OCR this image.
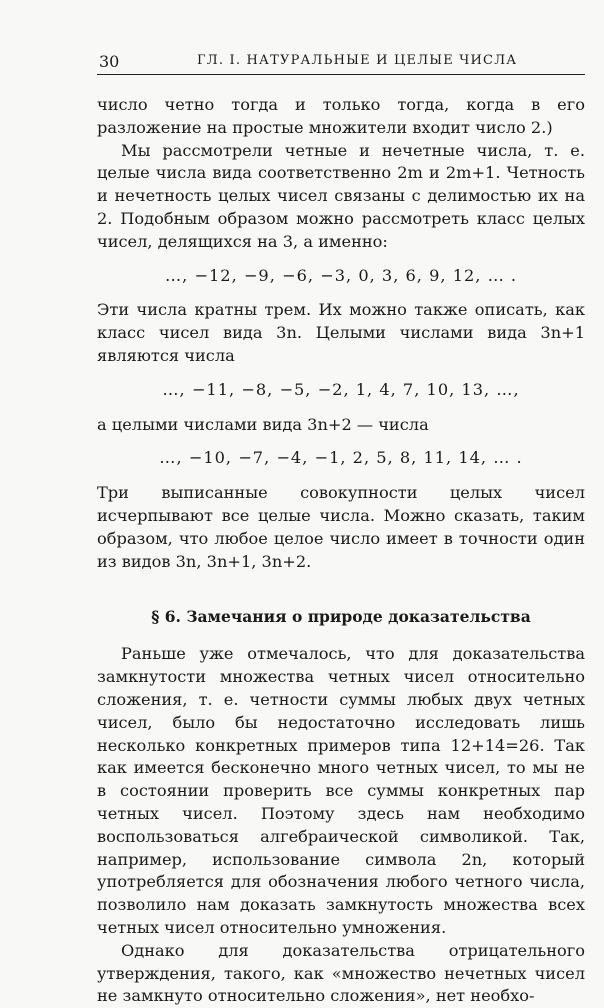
30	ГЛ. I. НАТУРАЛЬНЫЕ И ЦЕЛЫЕ ЧИСЛА

число четно тогда и только тогда, когда в его разложение на простые множители входит число 2.)

Мы рассмотрели четные и нечетные числа, т. е. целые числа вида соответственно 2m и 2m+1. Четность и нечетность целых чисел связаны с делимостью их на 2. Подобным образом можно рассмотреть класс целых чисел, делящихся на 3, а именно:

…, −12, −9, −6, −3, 0, 3, 6, 9, 12, … .

Эти числа кратны трем. Их можно также описать, как класс чисел вида 3n. Целыми числами вида 3n+1 являются числа

…, −11, −8, −5, −2, 1, 4, 7, 10, 13, …,

а целыми числами вида 3n+2 — числа

…, −10, −7, −4, −1, 2, 5, 8, 11, 14, … .

Три выписанные совокупности целых чисел исчерпывают все целые числа. Можно сказать, таким образом, что любое целое число имеет в точности один из видов 3n, 3n+1, 3n+2.

§ 6. Замечания о природе доказательства

Раньше уже отмечалось, что для доказательства замкнутости множества четных чисел относительно сложения, т. е. четности суммы любых двух четных чисел, было бы недостаточно исследовать лишь несколько конкретных примеров типа 12+14=26. Так как имеется бесконечно много четных чисел, то мы не в состоянии проверить все суммы конкретных пар четных чисел. Поэтому здесь нам необходимо воспользоваться алгебраической символикой. Так, например, использование символа 2n, который употребляется для обозначения любого четного числа, позволило нам доказать замкнутость множества всех четных чисел относительно умножения.

Однако для доказательства отрицательного утверждения, такого, как «множество нечетных чисел не замкнуто относительно сложения», нет необхо-
